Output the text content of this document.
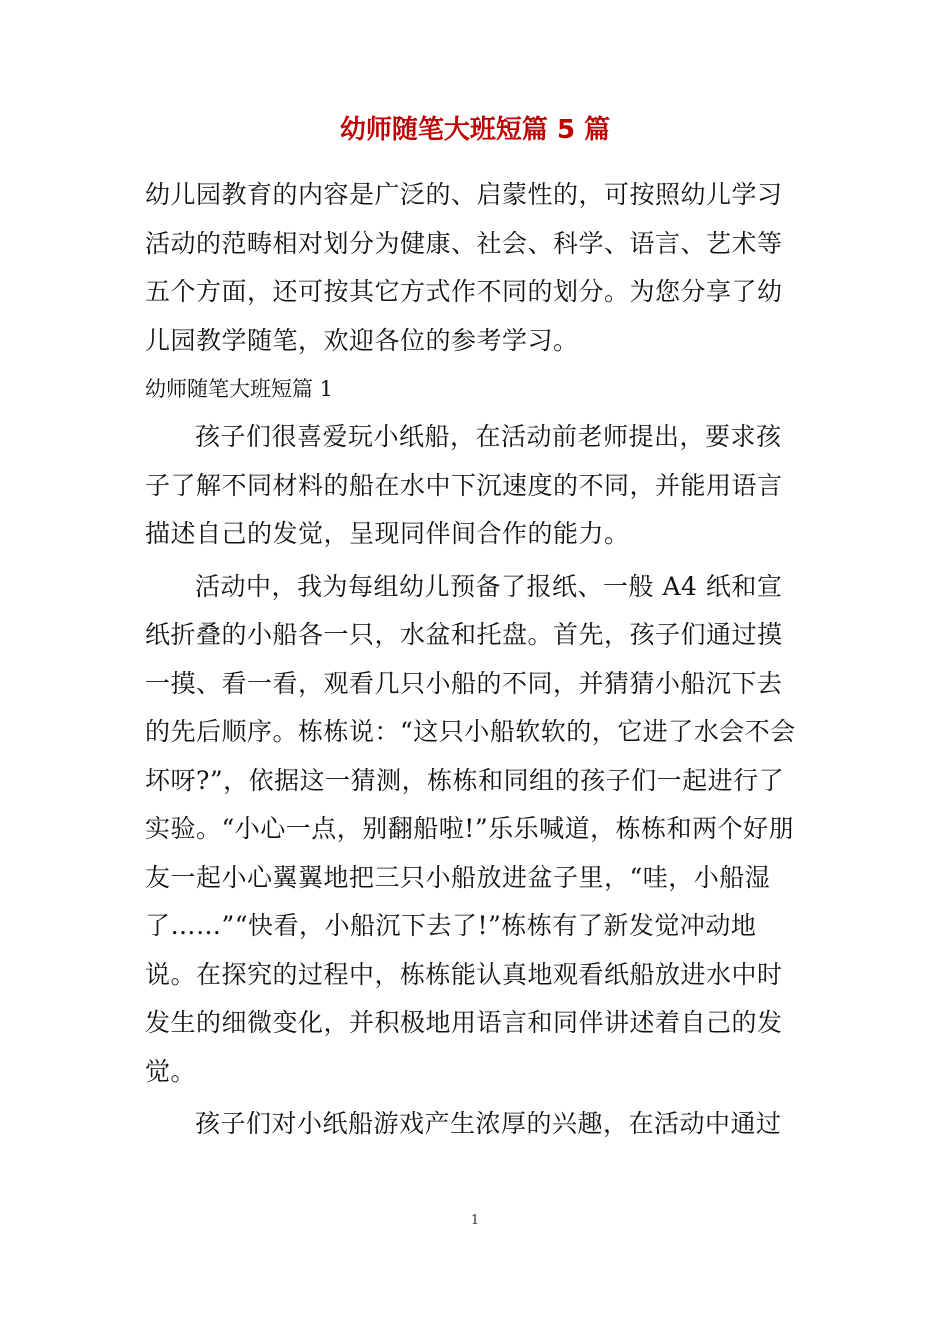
幼师随笔大班短篇 5 篇

幼儿园教育的内容是广泛的、启蒙性的，可按照幼儿学习活动的范畴相对划分为健康、社会、科学、语言、艺术等五个方面，还可按其它方式作不同的划分。为您分享了幼儿园教学随笔，欢迎各位的参考学习。

幼师随笔大班短篇 1

孩子们很喜爱玩小纸船，在活动前老师提出，要求孩子了解不同材料的船在水中下沉速度的不同，并能用语言描述自己的发觉，呈现同伴间合作的能力。

活动中，我为每组幼儿预备了报纸、一般 A4 纸和宣纸折叠的小船各一只，水盆和托盘。首先，孩子们通过摸一摸、看一看，观看几只小船的不同，并猜猜小船沉下去的先后顺序。栋栋说：“这只小船软软的，它进了水会不会坏呀?”，依据这一猜测，栋栋和同组的孩子们一起进行了实验。“小心一点，别翻船啦!”乐乐喊道，栋栋和两个好朋友一起小心翼翼地把三只小船放进盆子里，“哇，小船湿了……”“快看，小船沉下去了!”栋栋有了新发觉冲动地说。在探究的过程中，栋栋能认真地观看纸船放进水中时发生的细微变化，并积极地用语言和同伴讲述着自己的发觉。

孩子们对小纸船游戏产生浓厚的兴趣，在活动中通过

1
